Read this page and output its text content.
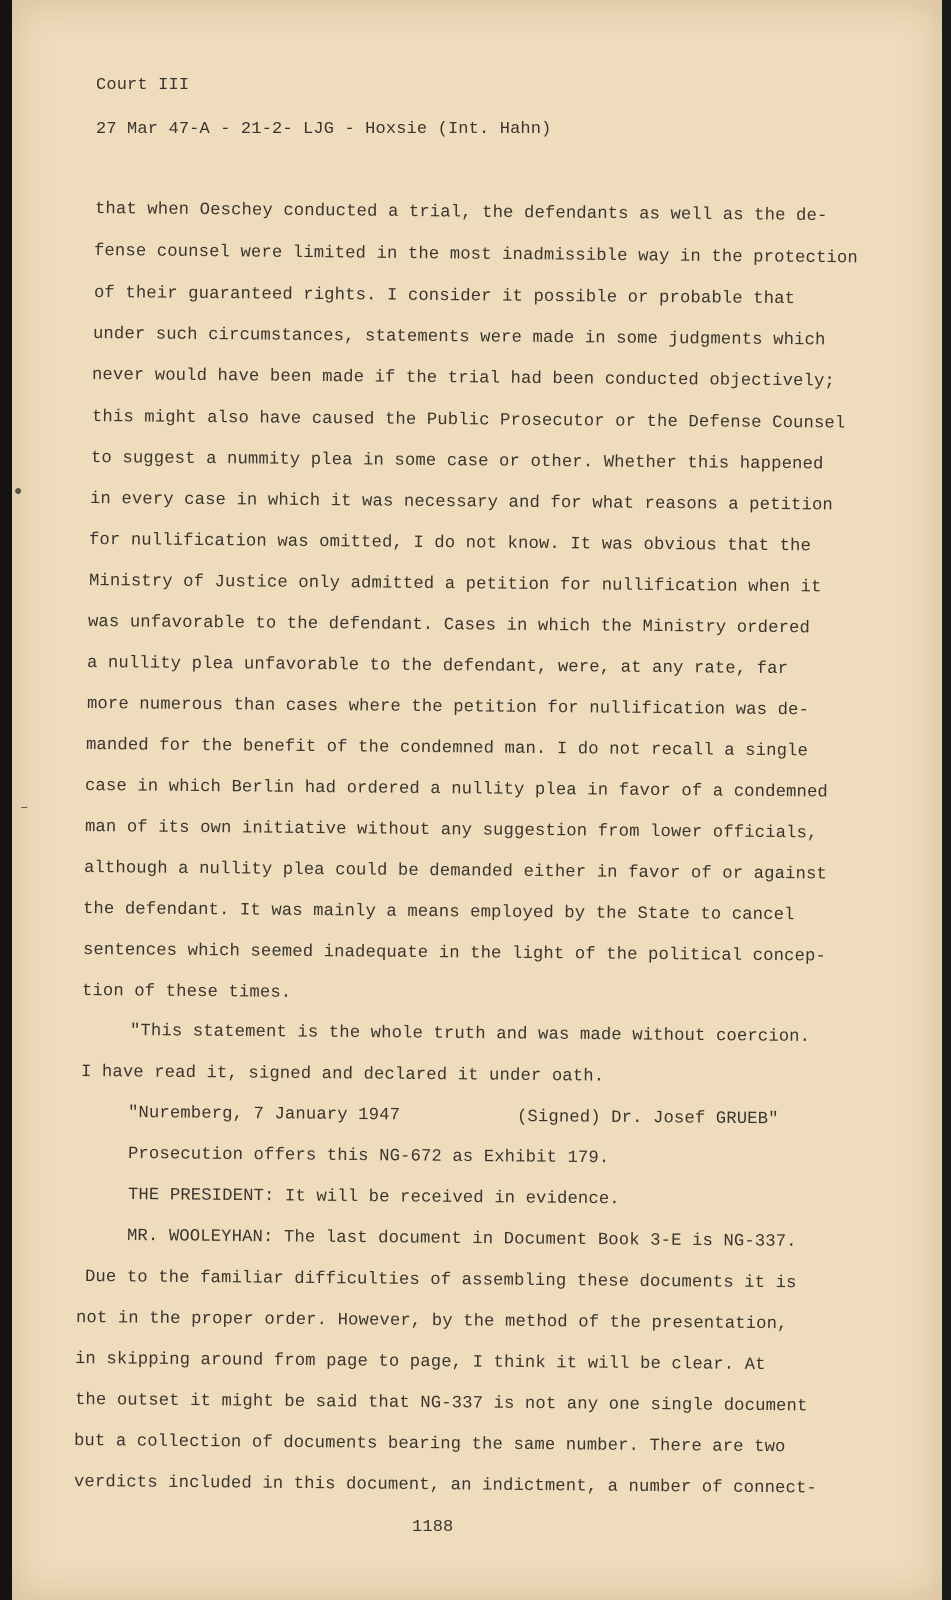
Court III
27 Mar 47-A - 21-2- LJG - Hoxsie (Int. Hahn)
that when Oeschey conducted a trial, the defendants as well as the de-
fense counsel were limited in the most inadmissible way in the protection
of their guaranteed rights. I consider it possible or probable that
under such circumstances, statements were made in some judgments which
never would have been made if the trial had been conducted objectively;
this might also have caused the Public Prosecutor or the Defense Counsel
to suggest a nummity plea in some case or other. Whether this happened
in every case in which it was necessary and for what reasons a petition
for nullification was omitted, I do not know. It was obvious that the
Ministry of Justice only admitted a petition for nullification when it
was unfavorable to the defendant. Cases in which the Ministry ordered
a nullity plea unfavorable to the defendant, were, at any rate, far
more numerous than cases where the petition for nullification was de-
manded for the benefit of the condemned man. I do not recall a single
case in which Berlin had ordered a nullity plea in favor of a condemned
man of its own initiative without any suggestion from lower officials,
although a nullity plea could be demanded either in favor of or against
the defendant. It was mainly a means employed by the State to cancel
sentences which seemed inadequate in the light of the political concep-
tion of these times.
"This statement is the whole truth and was made without coercion.
I have read it, signed and declared it under oath.
"Nuremberg, 7 January 1947	(Signed) Dr. Josef GRUEB"
Prosecution offers this NG-672 as Exhibit 179.
THE PRESIDENT: It will be received in evidence.
MR. WOOLEYHAN: The last document in Document Book 3-E is NG-337.
Due to the familiar difficulties of assembling these documents it is
not in the proper order. However, by the method of the presentation,
in skipping around from page to page, I think it will be clear. At
the outset it might be said that NG-337 is not any one single document
but a collection of documents bearing the same number. There are two
verdicts included in this document, an indictment, a number of connect-
1188
●
–
